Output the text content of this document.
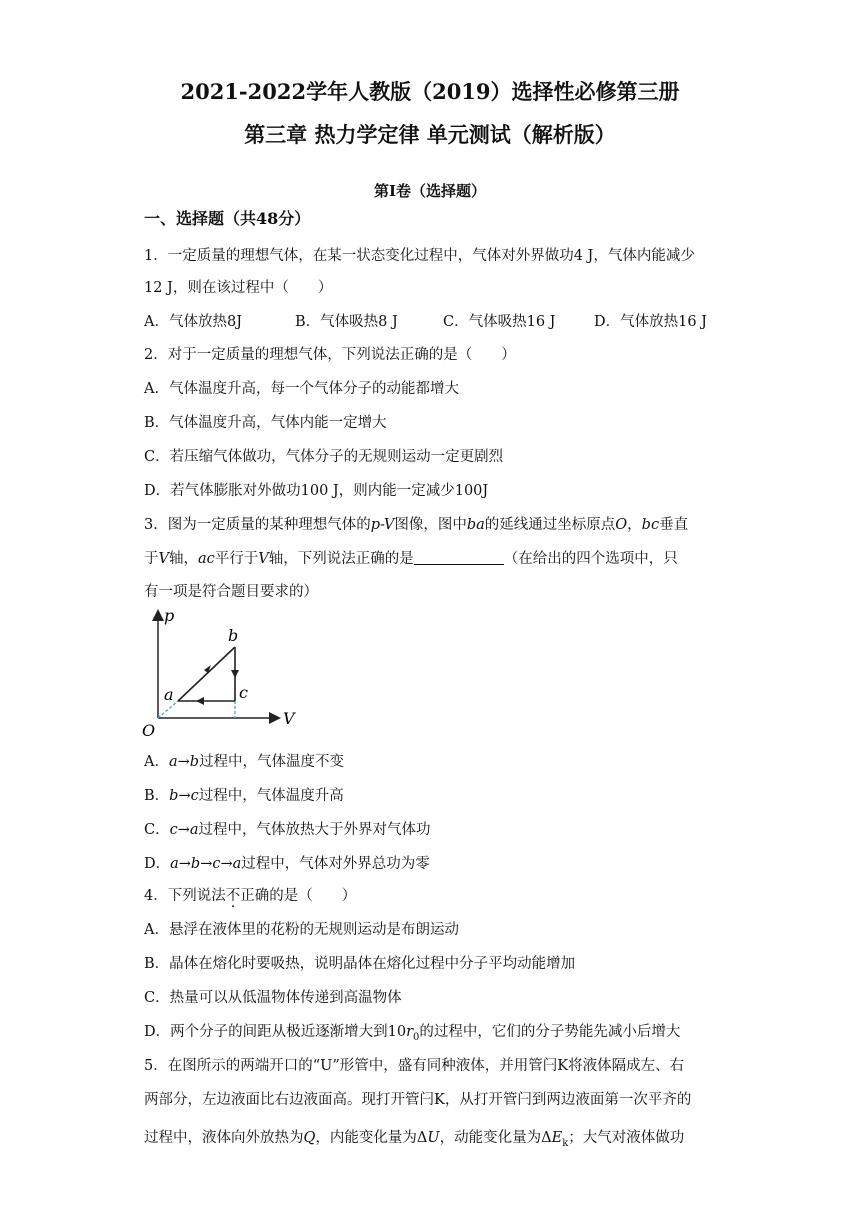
2021-2022学年人教版（2019）选择性必修第三册
第三章 热力学定律 单元测试（解析版）
第Ⅰ卷（选择题）
一、选择题（共48分）
1．一定质量的理想气体，在某一状态变化过程中，气体对外界做功4 J，气体内能减少
12 J，则在该过程中（　　）
A．气体放热8J	B．气体吸热8 J	C．气体吸热16 J	D．气体放热16 J
2．对于一定质量的理想气体，下列说法正确的是（　　）
A．气体温度升高，每一个气体分子的动能都增大
B．气体温度升高，气体内能一定增大
C．若压缩气体做功，气体分子的无规则运动一定更剧烈
D．若气体膨胀对外做功100 J，则内能一定减少100J
3．图为一定质量的某种理想气体的p-V图像，图中ba的延线通过坐标原点O，bc垂直
于V轴，ac平行于V轴，下列说法正确的是	（在给出的四个选项中，只
有一项是符合题目要求的）
p
V
O
a
b
c
A．a→b过程中，气体温度不变
B．b→c过程中，气体温度升高
C．c→a过程中，气体放热大于外界对气体功
D．a→b→c→a过程中，气体对外界总功为零
4．下列说法不正确的是（　　）
A．悬浮在液体里的花粉的无规则运动是布朗运动
B．晶体在熔化时要吸热，说明晶体在熔化过程中分子平均动能增加
C．热量可以从低温物体传递到高温物体
D．两个分子的间距从极近逐渐增大到$10r_0$的过程中，它们的分子势能先减小后增大
5．在图所示的两端开口的“U”形管中，盛有同种液体，并用管闩K将液体隔成左、右
两部分，左边液面比右边液面高。现打开管闩K，从打开管闩到两边液面第一次平齐的
过程中，液体向外放热为Q，内能变化量为ΔU，动能变化量为$\Delta E_k$；大气对液体做功
